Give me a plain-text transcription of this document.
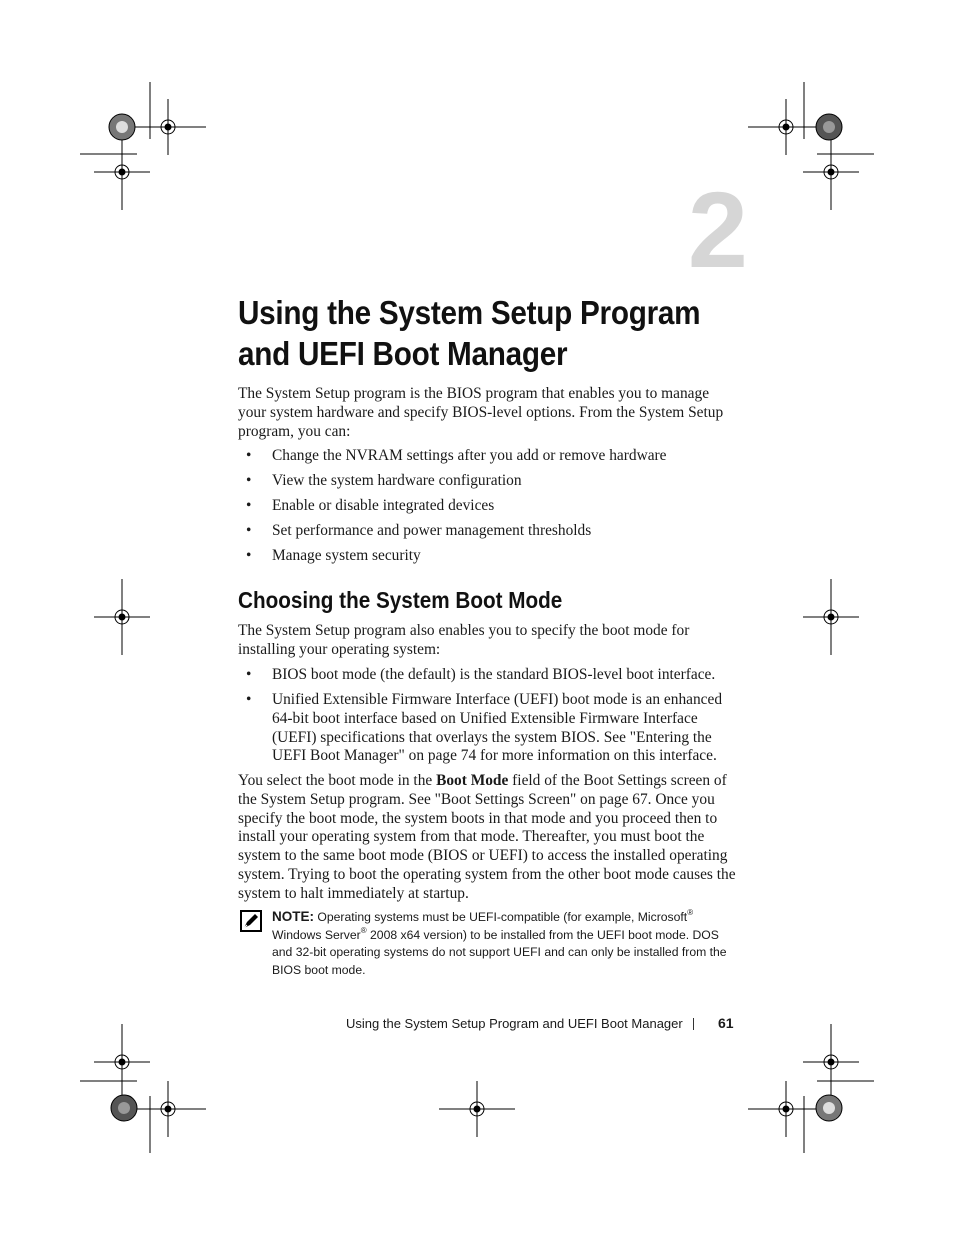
2
Using the System Setup Program
and UEFI Boot Manager

The System Setup program is the BIOS program that enables you to manage your system hardware and specify BIOS-level options. From the System Setup program, you can:

• Change the NVRAM settings after you add or remove hardware
• View the system hardware configuration
• Enable or disable integrated devices
• Set performance and power management thresholds
• Manage system security
Choosing the System Boot Mode

The System Setup program also enables you to specify the boot mode for installing your operating system:

• BIOS boot mode (the default) is the standard BIOS-level boot interface.
• Unified Extensible Firmware Interface (UEFI) boot mode is an enhanced 64-bit boot interface based on Unified Extensible Firmware Interface (UEFI) specifications that overlays the system BIOS. See "Entering the UEFI Boot Manager" on page 74 for more information on this interface.

You select the boot mode in the Boot Mode field of the Boot Settings screen of the System Setup program. See "Boot Settings Screen" on page 67. Once you specify the boot mode, the system boots in that mode and you proceed then to install your operating system from that mode. Thereafter, you must boot the system to the same boot mode (BIOS or UEFI) to access the installed operating system. Trying to boot the operating system from the other boot mode causes the system to halt immediately at startup.

NOTE: Operating systems must be UEFI-compatible (for example, Microsoft® Windows Server® 2008 x64 version) to be installed from the UEFI boot mode. DOS and 32-bit operating systems do not support UEFI and can only be installed from the BIOS boot mode.
Using the System Setup Program and UEFI Boot Manager	61
